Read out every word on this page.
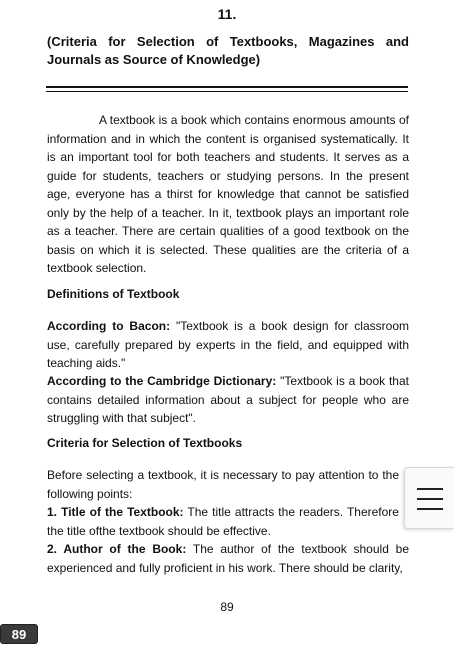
11.
(Criteria for Selection of Textbooks, Magazines and Journals as Source of Knowledge)

A textbook is a book which contains enormous amounts of information and in which the content is organised systematically. It is an important tool for both teachers and students. It serves as a guide for students, teachers or studying persons. In the present age, everyone has a thirst for knowledge that cannot be satisfied only by the help of a teacher. In it, textbook plays an important role as a teacher. There are certain qualities of a good textbook on the basis on which it is selected. These qualities are the criteria of a textbook selection.

Definitions of Textbook

According to Bacon: "Textbook is a book design for classroom use, carefully prepared by experts in the field, and equipped with teaching aids."

According to the Cambridge Dictionary: "Textbook is a book that contains detailed information about a subject for people who are struggling with that subject".

Criteria for Selection of Textbooks

Before selecting a textbook, it is necessary to pay attention to the following points:

1. Title of the Textbook: The title attracts the readers. Therefore the title ofthe textbook should be effective.

2. Author of the Book: The author of the textbook should be experienced and fully proficient in his work. There should be clarity,

89
89
